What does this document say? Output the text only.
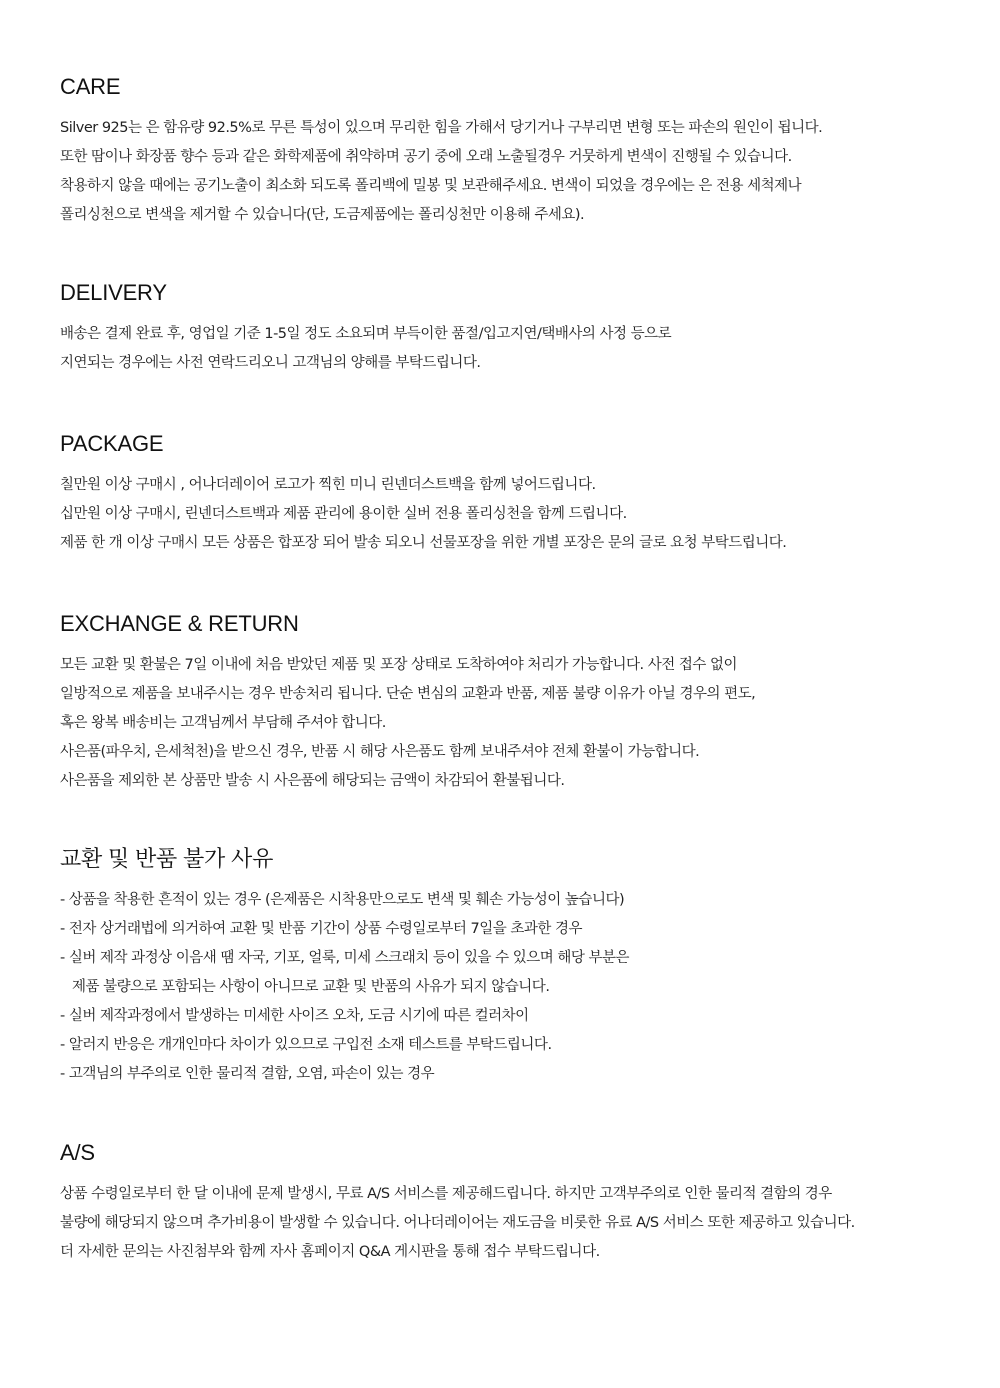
CARE
Silver 925는 은 함유량 92.5%로 무른 특성이 있으며 무리한 힘을 가해서 당기거나 구부리면 변형 또는 파손의 원인이 됩니다.
또한 땀이나 화장품 향수 등과 같은 화학제품에 취약하며 공기 중에 오래 노출될경우 거뭇하게 변색이 진행될 수 있습니다.
착용하지 않을 때에는 공기노출이 최소화 되도록 폴리백에 밀봉 및 보관해주세요. 변색이 되었을 경우에는 은 전용 세척제나
폴리싱천으로 변색을 제거할 수 있습니다(단, 도금제품에는 폴리싱천만 이용해 주세요).
DELIVERY
배송은 결제 완료 후, 영업일 기준 1-5일 정도 소요되며 부득이한 품절/입고지연/택배사의 사정 등으로
지연되는 경우에는 사전 연락드리오니 고객님의 양해를 부탁드립니다.
PACKAGE
칠만원 이상 구매시 , 어나더레이어 로고가 찍힌 미니 린넨더스트백을 함께 넣어드립니다.
십만원 이상 구매시, 린넨더스트백과 제품 관리에 용이한 실버 전용 폴리싱천을 함께 드립니다.
제품 한 개 이상 구매시 모든 상품은 합포장 되어 발송 되오니 선물포장을 위한 개별 포장은 문의 글로 요청 부탁드립니다.
EXCHANGE & RETURN
모든 교환 및 환불은 7일 이내에 처음 받았던 제품 및 포장 상태로 도착하여야 처리가 가능합니다. 사전 접수 없이
일방적으로 제품을 보내주시는 경우 반송처리 됩니다. 단순 변심의 교환과 반품, 제품 불량 이유가 아닐 경우의 편도,
혹은 왕복 배송비는 고객님께서 부담해 주셔야 합니다.
사은품(파우치, 은세척천)을 받으신 경우, 반품 시 해당 사은품도 함께 보내주셔야 전체 환불이 가능합니다.
사은품을 제외한 본 상품만 발송 시 사은품에 해당되는 금액이 차감되어 환불됩니다.
교환 및 반품 불가 사유
- 상품을 착용한 흔적이 있는 경우 (은제품은 시착용만으로도 변색 및 훼손 가능성이 높습니다)
- 전자 상거래법에 의거하여 교환 및 반품 기간이 상품 수령일로부터 7일을 초과한 경우
- 실버 제작 과정상 이음새 땜 자국, 기포, 얼룩, 미세 스크래치 등이 있을 수 있으며 해당 부분은
제품 불량으로 포함되는 사항이 아니므로 교환 및 반품의 사유가 되지 않습니다.
- 실버 제작과정에서 발생하는 미세한 사이즈 오차, 도금 시기에 따른 컬러차이
- 알러지 반응은 개개인마다 차이가 있으므로 구입전 소재 테스트를 부탁드립니다.
- 고객님의 부주의로 인한 물리적 결함, 오염, 파손이 있는 경우
A/S
상품 수령일로부터 한 달 이내에 문제 발생시, 무료 A/S 서비스를 제공해드립니다. 하지만 고객부주의로 인한 물리적 결함의 경우
불량에 해당되지 않으며 추가비용이 발생할 수 있습니다. 어나더레이어는 재도금을 비롯한 유료 A/S 서비스 또한 제공하고 있습니다.
더 자세한 문의는 사진첨부와 함께 자사 홈페이지 Q&A 게시판을 통해 접수 부탁드립니다.
